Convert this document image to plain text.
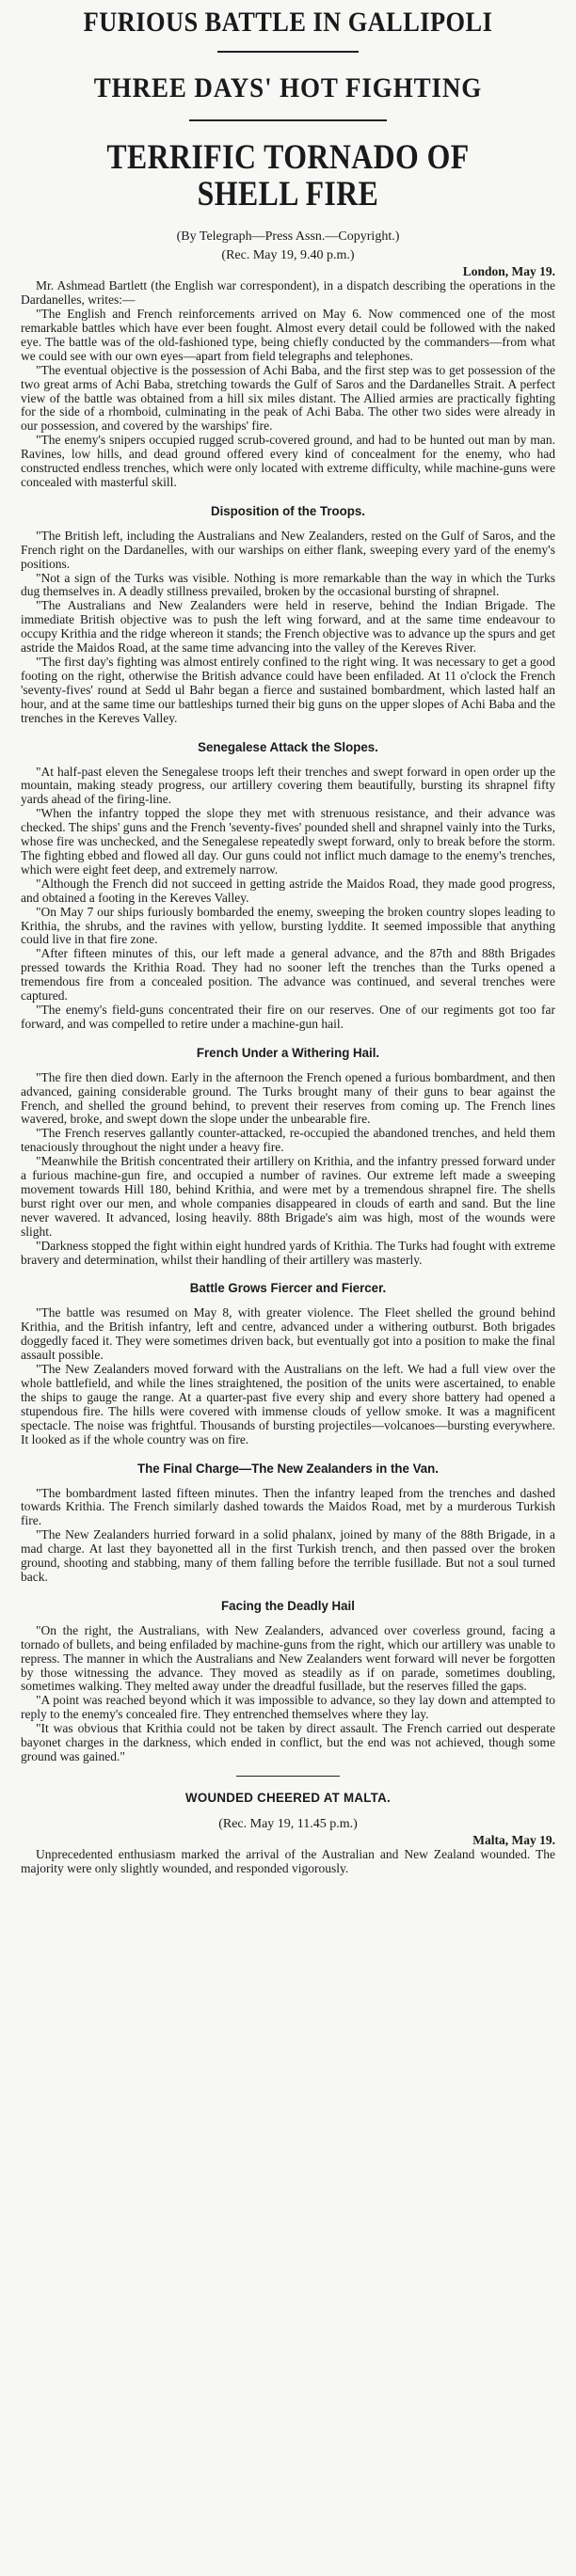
FURIOUS BATTLE IN GALLIPOLI
THREE DAYS' HOT FIGHTING
TERRIFIC TORNADO OF SHELL FIRE

(By Telegraph—Press Assn.—Copyright.)

(Rec. May 19, 9.40 p.m.)

London, May 19.

Mr. Ashmead Bartlett (the English war correspondent), in a dispatch describing the operations in the Dardanelles, writes:—

"The English and French reinforcements arrived on May 6. Now commenced one of the most remarkable battles which have ever been fought. Almost every detail could be followed with the naked eye. The battle was of the old-fashioned type, being chiefly conducted by the commanders—from what we could see with our own eyes—apart from field telegraphs and telephones.

"The eventual objective is the possession of Achi Baba, and the first step was to get possession of the two great arms of Achi Baba, stretching towards the Gulf of Saros and the Dardanelles Strait. A perfect view of the battle was obtained from a hill six miles distant. The Allied armies are practically fighting for the side of a rhomboid, culminating in the peak of Achi Baba. The other two sides were already in our possession, and covered by the warships' fire.

"The enemy's snipers occupied rugged scrub-covered ground, and had to be hunted out man by man. Ravines, low hills, and dead ground offered every kind of concealment for the enemy, who had constructed endless trenches, which were only located with extreme difficulty, while machine-guns were concealed with masterful skill.

Disposition of the Troops.

"The British left, including the Australians and New Zealanders, rested on the Gulf of Saros, and the French right on the Dardanelles, with our warships on either flank, sweeping every yard of the enemy's positions.

"Not a sign of the Turks was visible. Nothing is more remarkable than the way in which the Turks dug themselves in. A deadly stillness prevailed, broken by the occasional bursting of shrapnel.

"The Australians and New Zealanders were held in reserve, behind the Indian Brigade. The immediate British objective was to push the left wing forward, and at the same time endeavour to occupy Krithia and the ridge whereon it stands; the French objective was to advance up the spurs and get astride the Maidos Road, at the same time advancing into the valley of the Kereves River.

"The first day's fighting was almost entirely confined to the right wing. It was necessary to get a good footing on the right, otherwise the British advance could have been enfiladed. At 11 o'clock the French 'seventy-fives' round at Sedd ul Bahr began a fierce and sustained bombardment, which lasted half an hour, and at the same time our battleships turned their big guns on the upper slopes of Achi Baba and the trenches in the Kereves Valley.

Senegalese Attack the Slopes.

"At half-past eleven the Senegalese troops left their trenches and swept forward in open order up the mountain, making steady progress, our artillery covering them beautifully, bursting its shrapnel fifty yards ahead of the firing-line.

"When the infantry topped the slope they met with strenuous resistance, and their advance was checked. The ships' guns and the French 'seventy-fives' pounded shell and shrapnel vainly into the Turks, whose fire was unchecked, and the Senegalese repeatedly swept forward, only to break before the storm. The fighting ebbed and flowed all day. Our guns could not inflict much damage to the enemy's trenches, which were eight feet deep, and extremely narrow.

"Although the French did not succeed in getting astride the Maidos Road, they made good progress, and obtained a footing in the Kereves Valley.

"On May 7 our ships furiously bombarded the enemy, sweeping the broken country slopes leading to Krithia, the shrubs, and the ravines with yellow, bursting lyddite. It seemed impossible that anything could live in that fire zone.

"After fifteen minutes of this, our left made a general advance, and the 87th and 88th Brigades pressed towards the Krithia Road. They had no sooner left the trenches than the Turks opened a tremendous fire from a concealed position. The advance was continued, and several trenches were captured.

"The enemy's field-guns concentrated their fire on our reserves. One of our regiments got too far forward, and was compelled to retire under a machine-gun hail.

French Under a Withering Hail.

"The fire then died down. Early in the afternoon the French opened a furious bombardment, and then advanced, gaining considerable ground. The Turks brought many of their guns to bear against the French, and shelled the ground behind, to prevent their reserves from coming up. The French lines wavered, broke, and swept down the slope under the unbearable fire.

"The French reserves gallantly counter-attacked, re-occupied the abandoned trenches, and held them tenaciously throughout the night under a heavy fire.

"Meanwhile the British concentrated their artillery on Krithia, and the infantry pressed forward under a furious machine-gun fire, and occupied a number of ravines. Our extreme left made a sweeping movement towards Hill 180, behind Krithia, and were met by a tremendous shrapnel fire. The shells burst right over our men, and whole companies disappeared in clouds of earth and sand. But the line never wavered. It advanced, losing heavily. 88th Brigade's aim was high, most of the wounds were slight.

"Darkness stopped the fight within eight hundred yards of Krithia. The Turks had fought with extreme bravery and determination, whilst their handling of their artillery was masterly.

Battle Grows Fiercer and Fiercer.

"The battle was resumed on May 8, with greater violence. The Fleet shelled the ground behind Krithia, and the British infantry, left and centre, advanced under a withering outburst. Both brigades doggedly faced it. They were sometimes driven back, but eventually got into a position to make the final assault possible.

"The New Zealanders moved forward with the Australians on the left. We had a full view over the whole battlefield, and while the lines straightened, the position of the units were ascertained, to enable the ships to gauge the range. At a quarter-past five every ship and every shore battery had opened a stupendous fire. The hills were covered with immense clouds of yellow smoke. It was a magnificent spectacle. The noise was frightful. Thousands of bursting projectiles—volcanoes—bursting everywhere. It looked as if the whole country was on fire.

The Final Charge—The New Zealanders in the Van.

"The bombardment lasted fifteen minutes. Then the infantry leaped from the trenches and dashed towards Krithia. The French similarly dashed towards the Maidos Road, met by a murderous Turkish fire.

"The New Zealanders hurried forward in a solid phalanx, joined by many of the 88th Brigade, in a mad charge. At last they bayonetted all in the first Turkish trench, and then passed over the broken ground, shooting and stabbing, many of them falling before the terrible fusillade. But not a soul turned back.

Facing the Deadly Hail

"On the right, the Australians, with New Zealanders, advanced over coverless ground, facing a tornado of bullets, and being enfiladed by machine-guns from the right, which our artillery was unable to repress. The manner in which the Australians and New Zealanders went forward will never be forgotten by those witnessing the advance. They moved as steadily as if on parade, sometimes doubling, sometimes walking. They melted away under the dreadful fusillade, but the reserves filled the gaps.

"A point was reached beyond which it was impossible to advance, so they lay down and attempted to reply to the enemy's concealed fire. They entrenched themselves where they lay.

"It was obvious that Krithia could not be taken by direct assault. The French carried out desperate bayonet charges in the darkness, which ended in conflict, but the end was not achieved, though some ground was gained."

WOUNDED CHEERED AT MALTA.

(Rec. May 19, 11.45 p.m.)

Malta, May 19.

Unprecedented enthusiasm marked the arrival of the Australian and New Zealand wounded. The majority were only slightly wounded, and responded vigorously.
